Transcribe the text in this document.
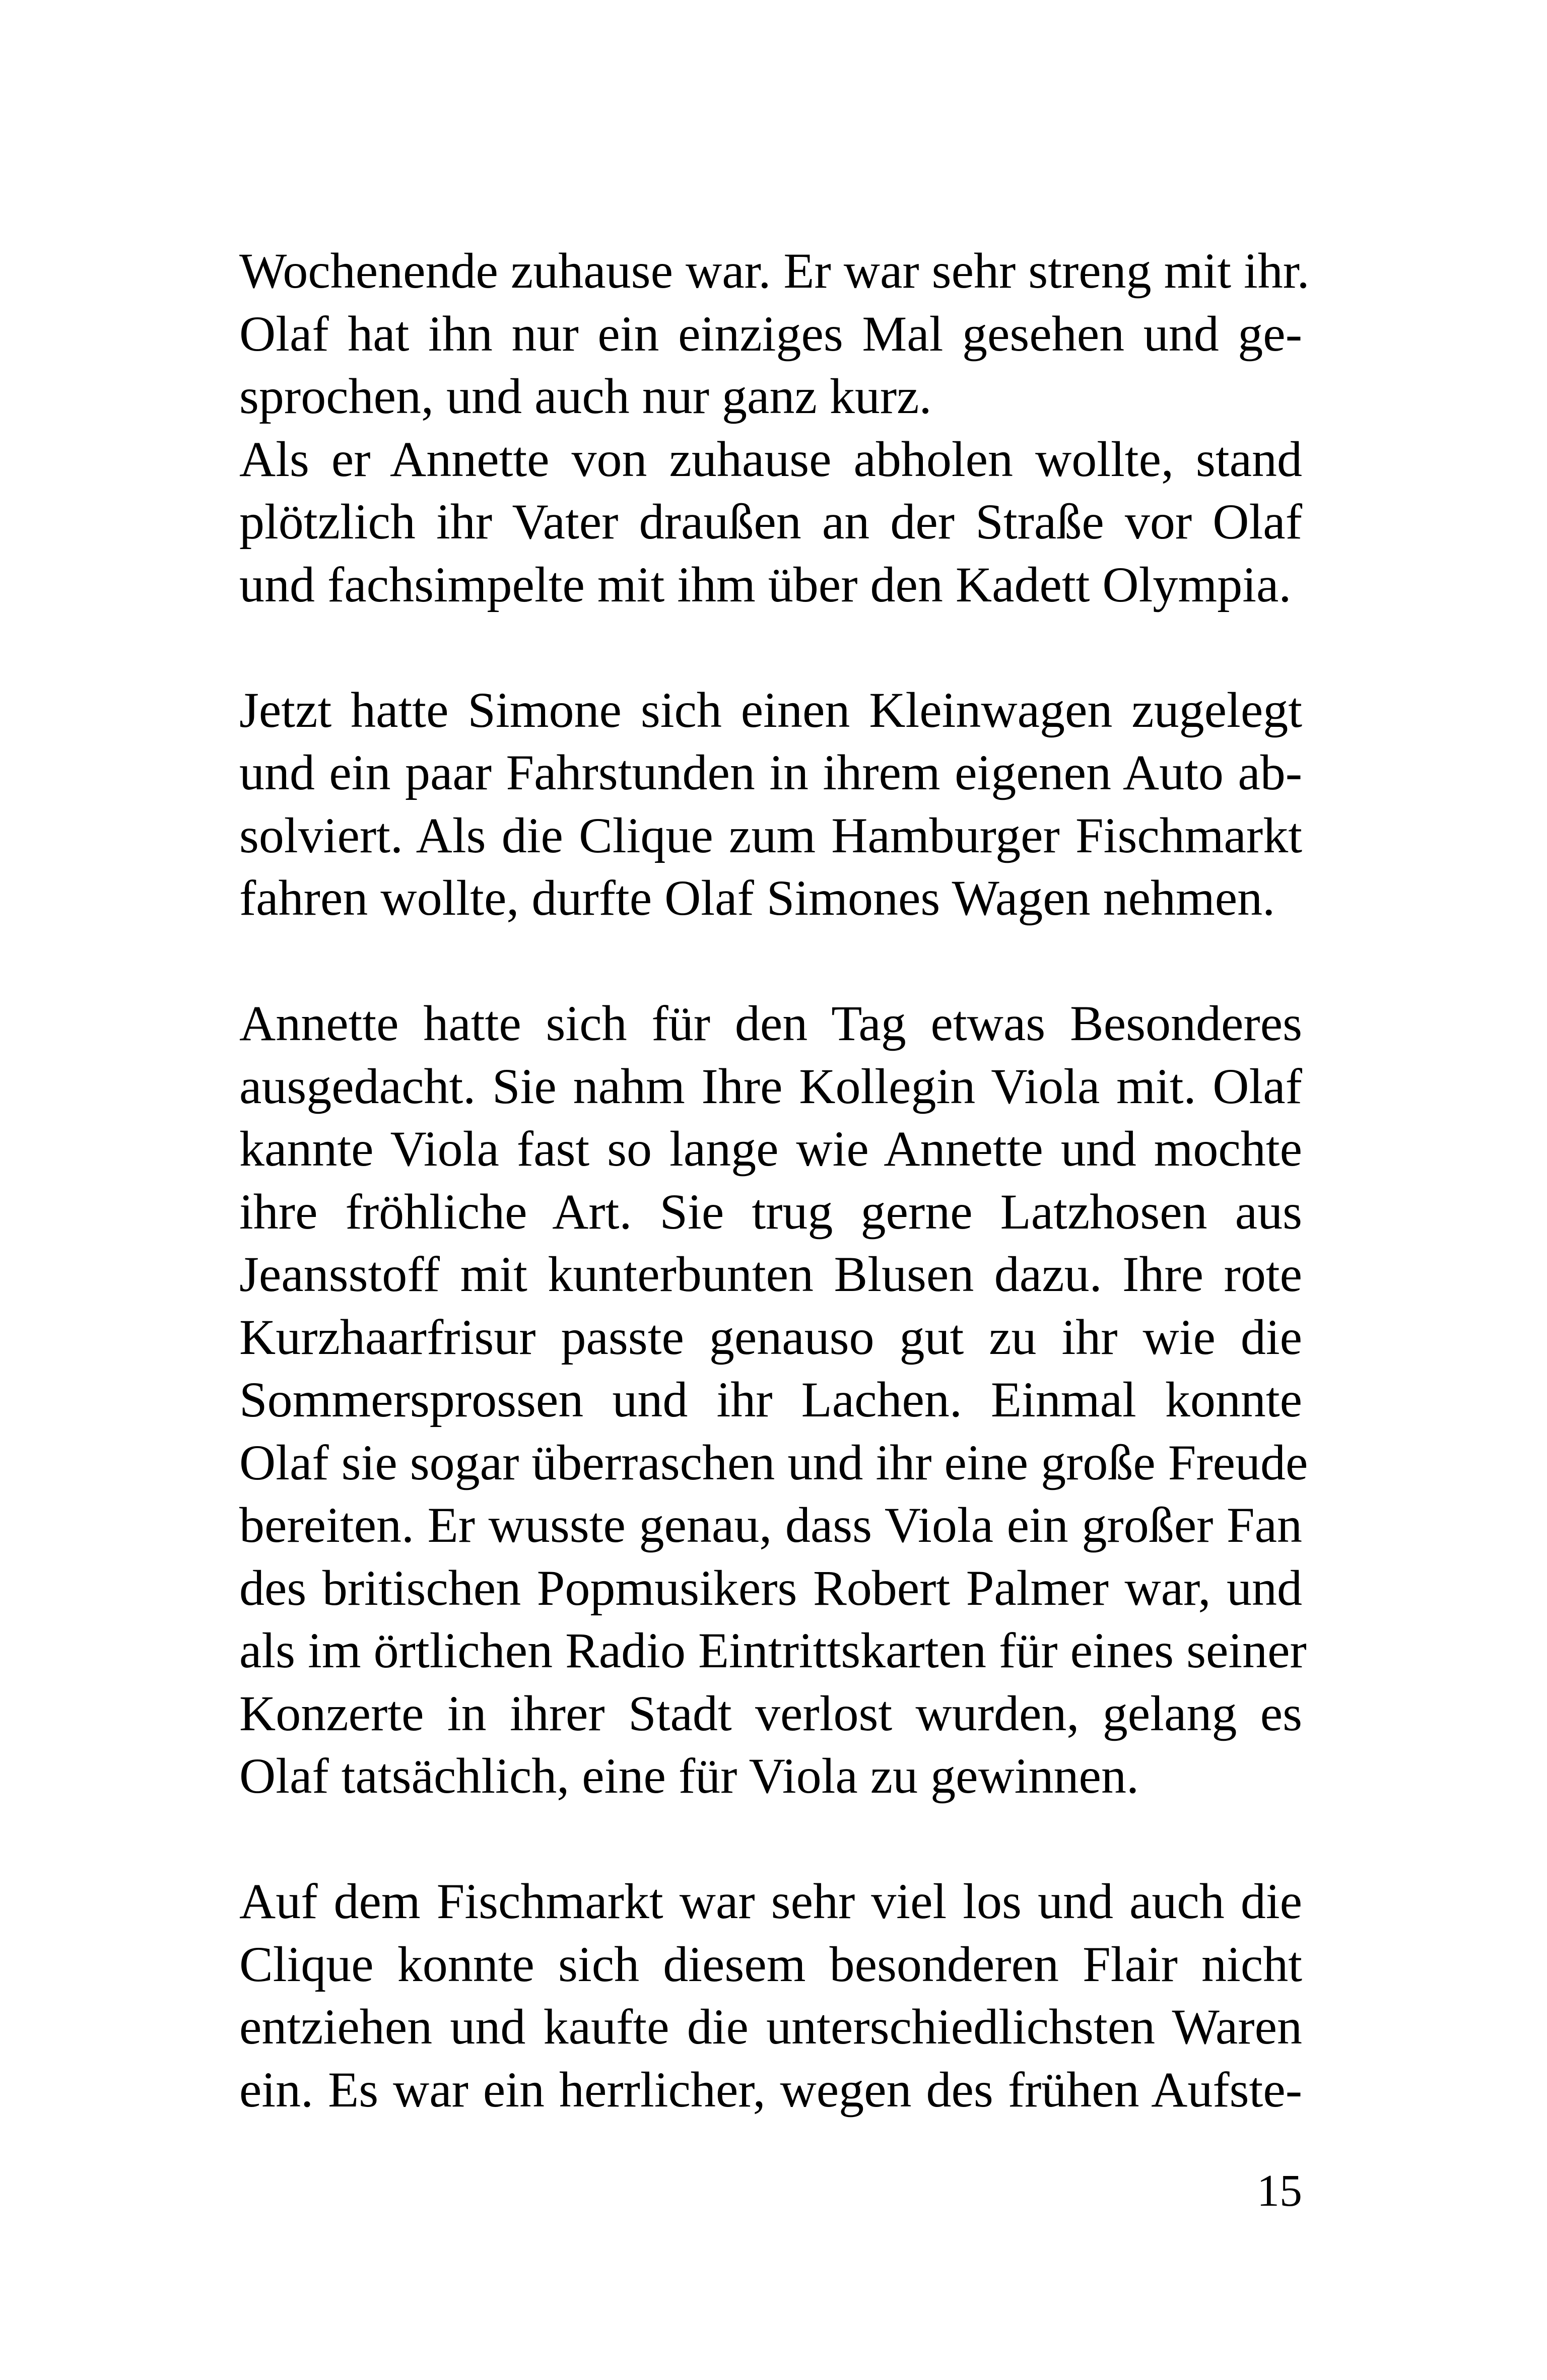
Wochenende zuhause war. Er war sehr streng mit ihr.
Olaf hat ihn nur ein einziges Mal gesehen und ge-
sprochen, und auch nur ganz kurz.
Als er Annette von zuhause abholen wollte, stand
plötzlich ihr Vater draußen an der Straße vor Olaf
und fachsimpelte mit ihm über den Kadett Olympia.
Jetzt hatte Simone sich einen Kleinwagen zugelegt
und ein paar Fahrstunden in ihrem eigenen Auto ab-
solviert. Als die Clique zum Hamburger Fischmarkt
fahren wollte, durfte Olaf Simones Wagen nehmen.
Annette hatte sich für den Tag etwas Besonderes
ausgedacht. Sie nahm Ihre Kollegin Viola mit. Olaf
kannte Viola fast so lange wie Annette und mochte
ihre fröhliche Art. Sie trug gerne Latzhosen aus
Jeansstoff mit kunterbunten Blusen dazu. Ihre rote
Kurzhaarfrisur passte genauso gut zu ihr wie die
Sommersprossen und ihr Lachen. Einmal konnte
Olaf sie sogar überraschen und ihr eine große Freude
bereiten. Er wusste genau, dass Viola ein großer Fan
des britischen Popmusikers Robert Palmer war, und
als im örtlichen Radio Eintrittskarten für eines seiner
Konzerte in ihrer Stadt verlost wurden, gelang es
Olaf tatsächlich, eine für Viola zu gewinnen.
Auf dem Fischmarkt war sehr viel los und auch die
Clique konnte sich diesem besonderen Flair nicht
entziehen und kaufte die unterschiedlichsten Waren
ein. Es war ein herrlicher, wegen des frühen Aufste-
15
